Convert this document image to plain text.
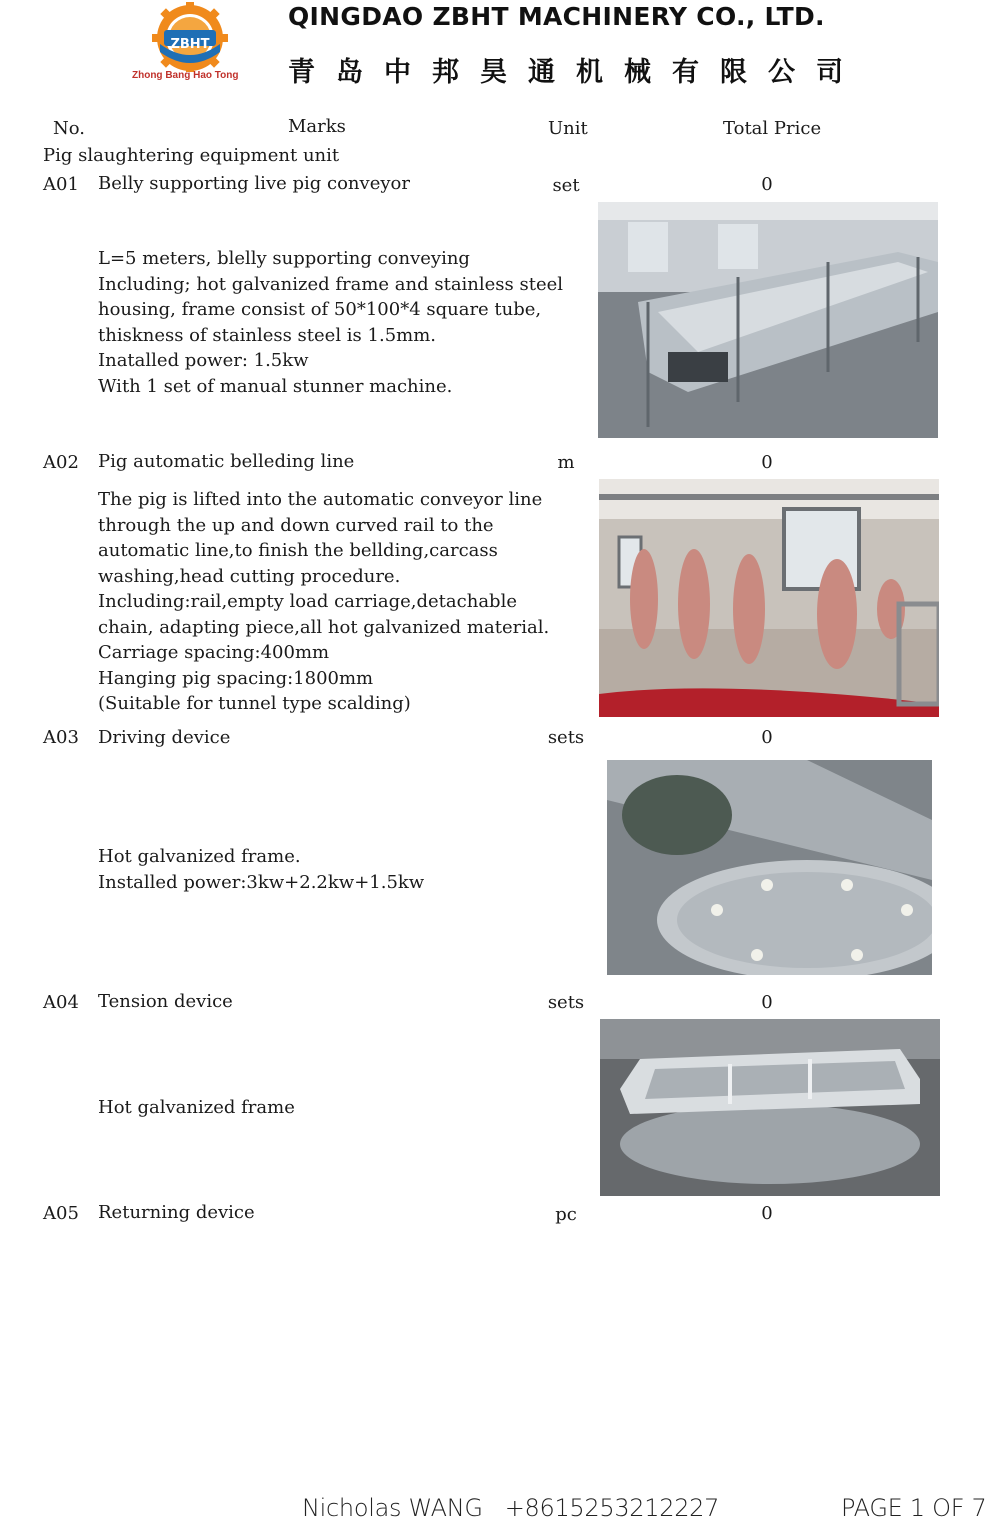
ZBHT
Zhong Bang Hao Tong
QINGDAO ZBHT MACHINERY CO., LTD.
青岛中邦昊通机械有限公司
No.	Marks	Unit	Total Price
Pig slaughtering equipment unit
A01 Belly supporting live pig conveyor	set	0
L=5 meters, blelly supporting conveying
Including; hot galvanized frame and stainless steel
housing, frame consist of 50*100*4 square tube,
thiskness of stainless steel is 1.5mm.
Inatalled power: 1.5kw
With 1 set of manual stunner machine.
A02 Pig automatic belleding line	m	0
The pig is lifted into the automatic conveyor line
through the up and down curved rail to the
automatic line,to finish the bellding,carcass
washing,head cutting procedure.
Including:rail,empty load carriage,detachable
chain, adapting piece,all hot galvanized material.
Carriage spacing:400mm
Hanging pig spacing:1800mm
(Suitable for tunnel type scalding)
A03 Driving device	sets	0
Hot galvanized frame.
Installed power:3kw+2.2kw+1.5kw
A04 Tension device	sets	0
Hot galvanized frame
A05 Returning device	pc	0
Nicholas WANG   +8615253212227	PAGE 1 OF 7
